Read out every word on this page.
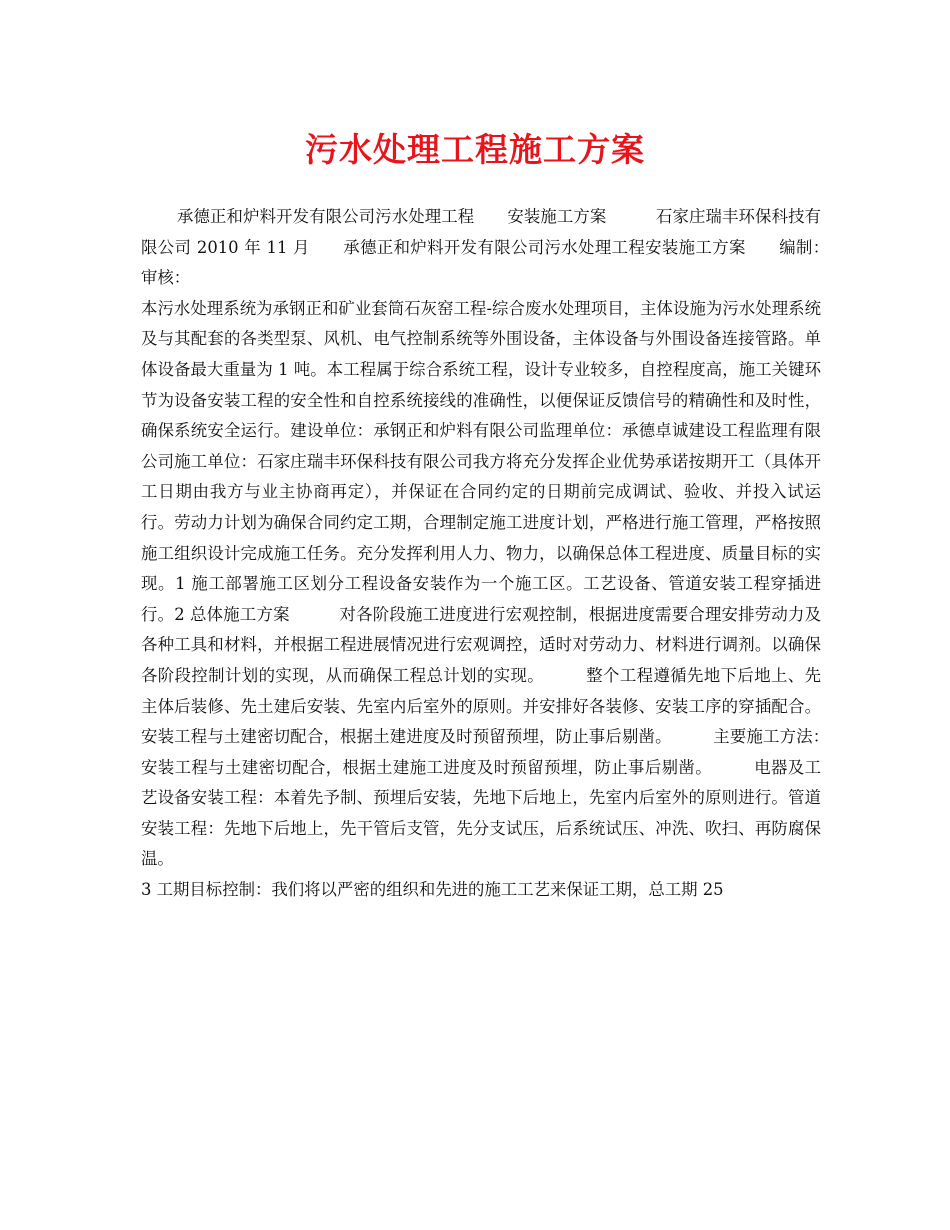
污水处理工程施工方案

承德正和炉料开发有限公司污水处理工程　　安装施工方案　　　石家庄瑞丰环保科技有限公司 2010 年 11 月　　承德正和炉料开发有限公司污水处理工程安装施工方案　　编制：　　审核：

本污水处理系统为承钢正和矿业套筒石灰窑工程-综合废水处理项目，主体设施为污水处理系统及与其配套的各类型泵、风机、电气控制系统等外围设备，主体设备与外围设备连接管路。单体设备最大重量为 1 吨。本工程属于综合系统工程，设计专业较多，自控程度高，施工关键环节为设备安装工程的安全性和自控系统接线的准确性，以便保证反馈信号的精确性和及时性，确保系统安全运行。建设单位：承钢正和炉料有限公司监理单位：承德卓诚建设工程监理有限公司施工单位：石家庄瑞丰环保科技有限公司我方将充分发挥企业优势承诺按期开工（具体开工日期由我方与业主协商再定），并保证在合同约定的日期前完成调试、验收、并投入试运行。劳动力计划为确保合同约定工期，合理制定施工进度计划，严格进行施工管理，严格按照施工组织设计完成施工任务。充分发挥利用人力、物力，以确保总体工程进度、质量目标的实现。1 施工部署施工区划分工程设备安装作为一个施工区。工艺设备、管道安装工程穿插进行。2 总体施工方案　　　对各阶段施工进度进行宏观控制，根据进度需要合理安排劳动力及各种工具和材料，并根据工程进展情况进行宏观调控，适时对劳动力、材料进行调剂。以确保各阶段控制计划的实现，从而确保工程总计划的实现。　　　整个工程遵循先地下后地上、先主体后装修、先土建后安装、先室内后室外的原则。并安排好各装修、安装工序的穿插配合。安装工程与土建密切配合，根据土建进度及时预留预埋，防止事后剔凿。　　　主要施工方法：　　　安装工程与土建密切配合，根据土建施工进度及时预留预埋，防止事后剔凿。　　　电器及工艺设备安装工程：本着先予制、预埋后安装，先地下后地上，先室内后室外的原则进行。管道安装工程：先地下后地上，先干管后支管，先分支试压，后系统试压、冲洗、吹扫、再防腐保温。

3 工期目标控制：我们将以严密的组织和先进的施工工艺来保证工期，总工期 25
